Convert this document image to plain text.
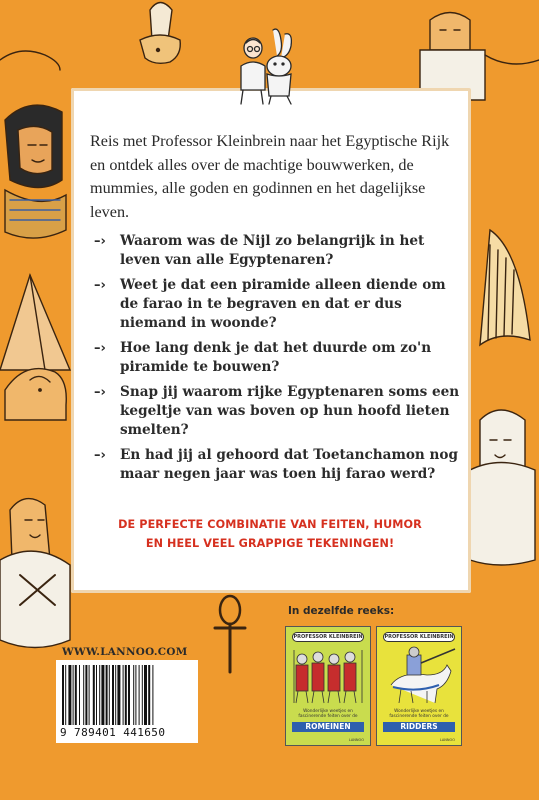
Reis met Professor Kleinbrein naar het Egyptische Rijk en ontdek alles over de machtige bouwwerken, de mummies, alle goden en godinnen en het dagelijkse leven.

–›	Waarom was de Nijl zo belangrijk in het leven van alle Egyptenaren?
–›	Weet je dat een piramide alleen diende om de farao in te begraven en dat er dus niemand in woonde?
–›	Hoe lang denk je dat het duurde om zo'n piramide te bouwen?
–›	Snap jij waarom rijke Egyptenaren soms een kegeltje van was boven op hun hoofd lieten smelten?
–›	En had jij al gehoord dat Toetanchamon nog maar negen jaar was toen hij farao werd?
DE PERFECTE COMBINATIE VAN FEITEN, HUMOR
EN HEEL VEEL GRAPPIGE TEKENINGEN!
In dezelfde reeks:
PROFESSOR KLEINBREIN
Wonderlijke weetjes en fascinerende feiten over de
ROMEINEN
LANNOO
PROFESSOR KLEINBREIN
Wonderlijke weetjes en fascinerende feiten over de
RIDDERS
LANNOO
WWW.LANNOO.COM
9 789401 441650
